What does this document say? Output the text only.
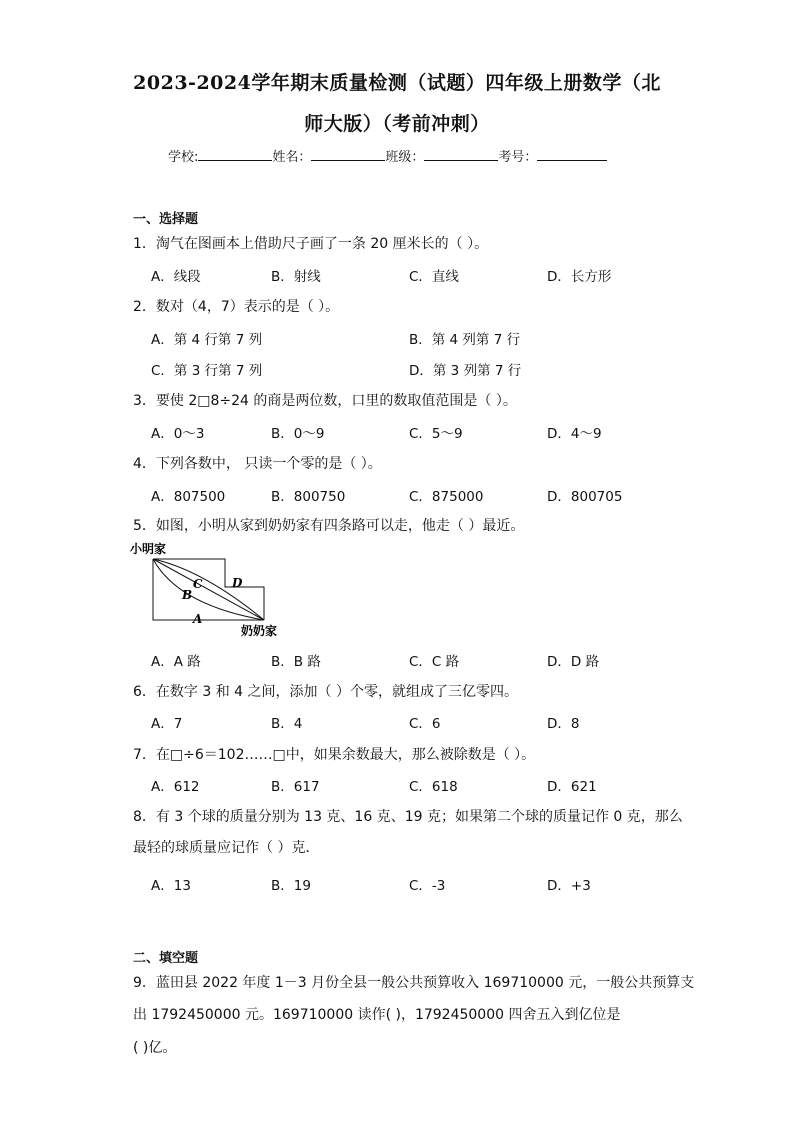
2023-2024学年期末质量检测（试题）四年级上册数学（北
师大版）（考前冲刺）
学校:	姓名：	班级：	考号：
一、选择题
1．淘气在图画本上借助尺子画了一条 20 厘米长的（ ）。
A．线段	B．射线	C．直线	D．长方形
2．数对（4，7）表示的是（ ）。
A．第 4 行第 7 列	B．第 4 列第 7 行
C．第 3 行第 7 列	D．第 3 列第 7 行
3．要使 2□8÷24 的商是两位数，口里的数取值范围是（ ）。
A．0～3	B．0～9	C．5～9	D．4～9
4．下列各数中， 只读一个零的是（ ）。
A．807500	B．800750	C．875000	D．800705
5．如图，小明从家到奶奶家有四条路可以走，他走（ ）最近。
小明家
C D
B
A
奶奶家
A．A 路	B．B 路	C．C 路	D．D 路
6．在数字 3 和 4 之间，添加（ ）个零，就组成了三亿零四。
A．7	B．4	C．6	D．8
7．在□÷6＝102……□中，如果余数最大，那么被除数是（ ）。
A．612	B．617	C．618	D．621
8．有 3 个球的质量分别为 13 克、16 克、19 克；如果第二个球的质量记作 0 克，那么
最轻的球质量应记作（ ）克．
A．13	B．19	C．-3	D．+3
二、填空题
9．蓝田县 2022 年度 1－3 月份全县一般公共预算收入 169710000 元，一般公共预算支
出 1792450000 元。169710000 读作( )，1792450000 四舍五入到亿位是
( )亿。
